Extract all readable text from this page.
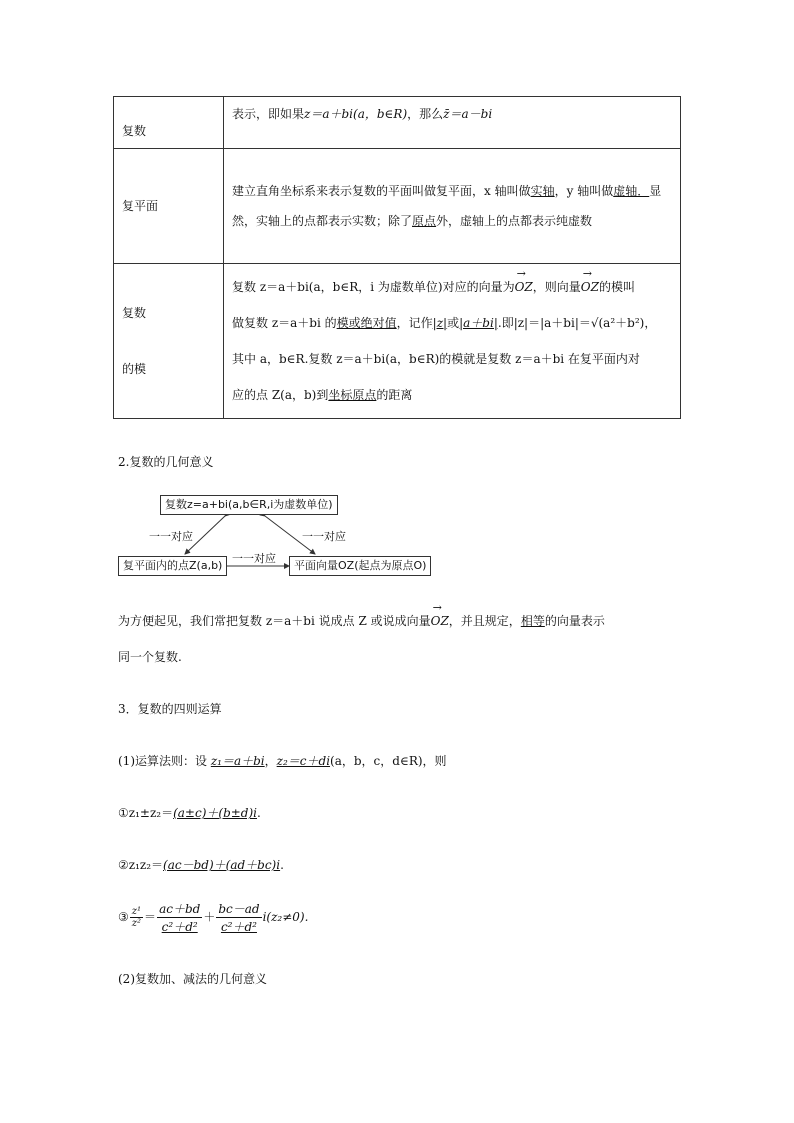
复数	表示，即如果z＝a＋bi(a，b∈R)，那么z̄＝a－bi
复平面	建立直角坐标系来表示复数的平面叫做复平面，x 轴叫做实轴，y 轴叫做虚轴．显然，实轴上的点都表示实数；除了原点外，虚轴上的点都表示纯虚数
复数
的模	复数 z＝a＋bi(a，b∈R，i 为虚数单位)对应的向量为→ OZ，则向量→ OZ的模叫
做复数 z＝a＋bi 的模或绝对值，记作|z|或|a＋bi|.即|z|＝|a＋bi|＝√(a²＋b²)，
其中 a，b∈R.复数 z＝a＋bi(a，b∈R)的模就是复数 z＝a＋bi 在复平面内对
应的点 Z(a，b)到坐标原点的距离
2.复数的几何意义
复数z=a+bi(a,b∈R,i为虚数单位)
复平面内的点Z(a,b)	平面向量OZ(起点为原点O)
一一对应	一一对应
一一对应
为方便起见，我们常把复数 z＝a＋bi 说成点 Z 或说成向量→ OZ，并且规定，相等的向量表示
同一个复数.
3．复数的四则运算
(1)运算法则：设 z₁＝a＋bi，z₂＝c＋di(a，b，c，d∈R)，则
①z₁±z₂＝(a±c)＋(b±d)i.
②z₁z₂＝(ac－bd)＋(ad＋bc)i.
③ $\frac{\text{z¹}}{\text{z²}} = \frac{ac+bd}{\text{c²＋d²}} + \frac{bc-ad}{\text{c²＋d²}} i(z_2\ne 0)$.
(2)复数加、减法的几何意义
